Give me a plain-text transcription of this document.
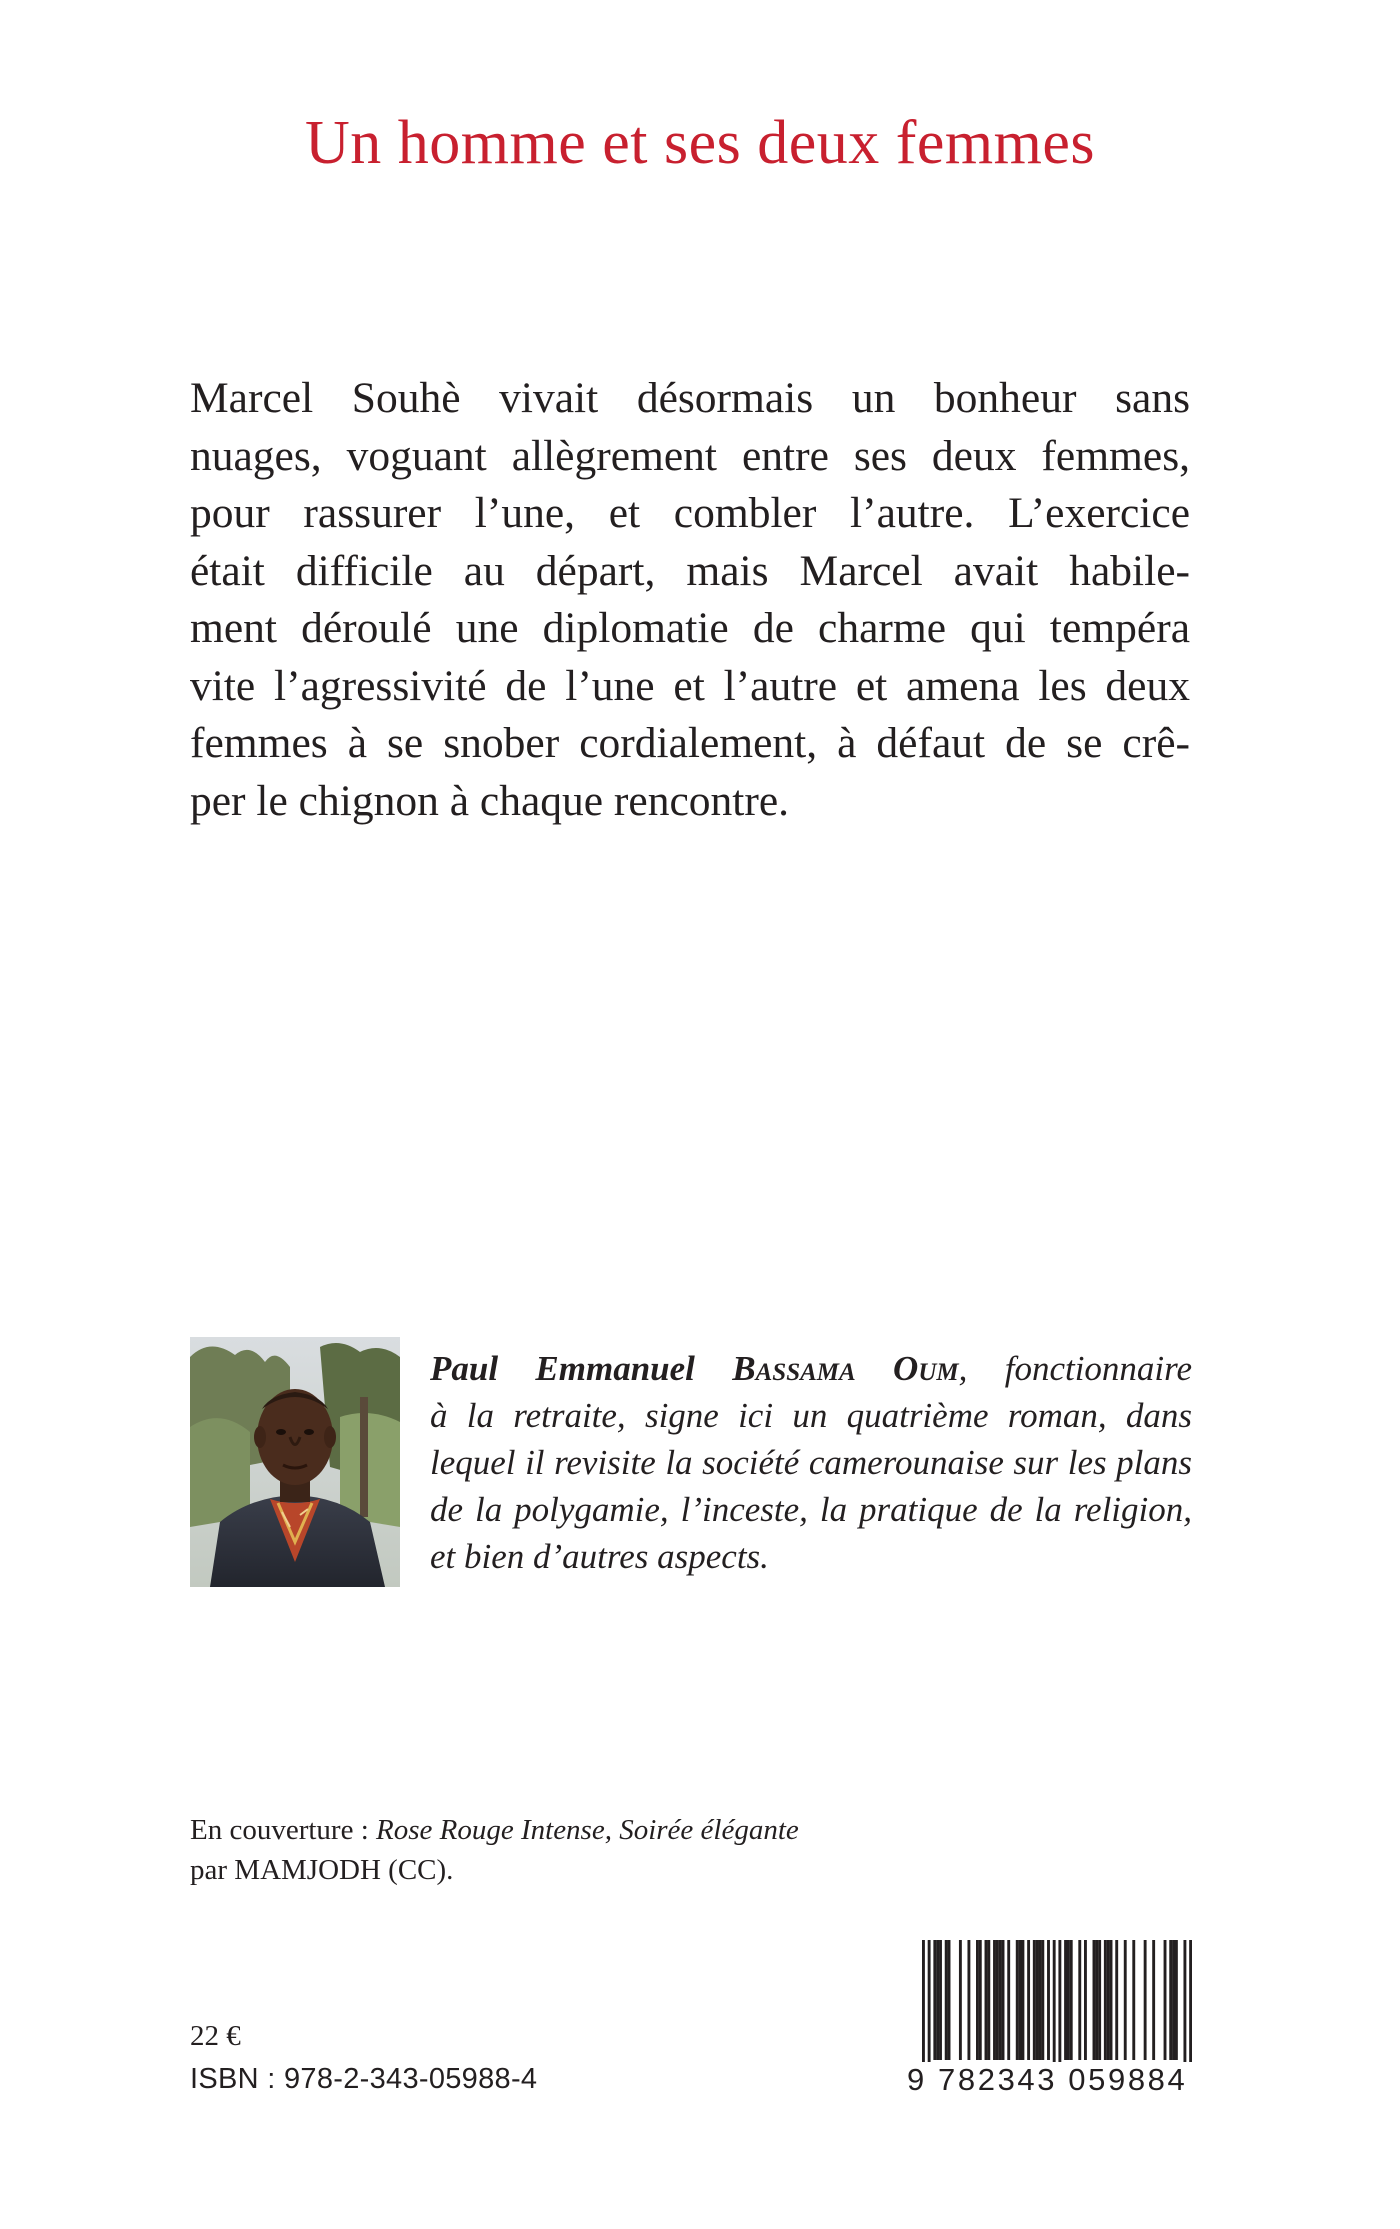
Un homme et ses deux femmes
Marcel Souhè vivait désormais un bonheur sans
nuages, voguant allègrement entre ses deux femmes,
pour rassurer l’une, et combler l’autre. L’exercice
était difficile au départ, mais Marcel avait habile-
ment déroulé une diplomatie de charme qui tempéra
vite l’agressivité de l’une et l’autre et amena les deux
femmes à se snober cordialement, à défaut de se crê-
per le chignon à chaque rencontre.
Paul Emmanuel Bassama Oum, fonctionnaire
à la retraite, signe ici un quatrième roman, dans
lequel il revisite la société camerounaise sur les plans
de la polygamie, l’inceste, la pratique de la religion,
et bien d’autres aspects.
En couverture : Rose Rouge Intense, Soirée élégante
par MAMJODH (CC).
22 €
ISBN : 978-2-343-05988-4	9 782343 059884
